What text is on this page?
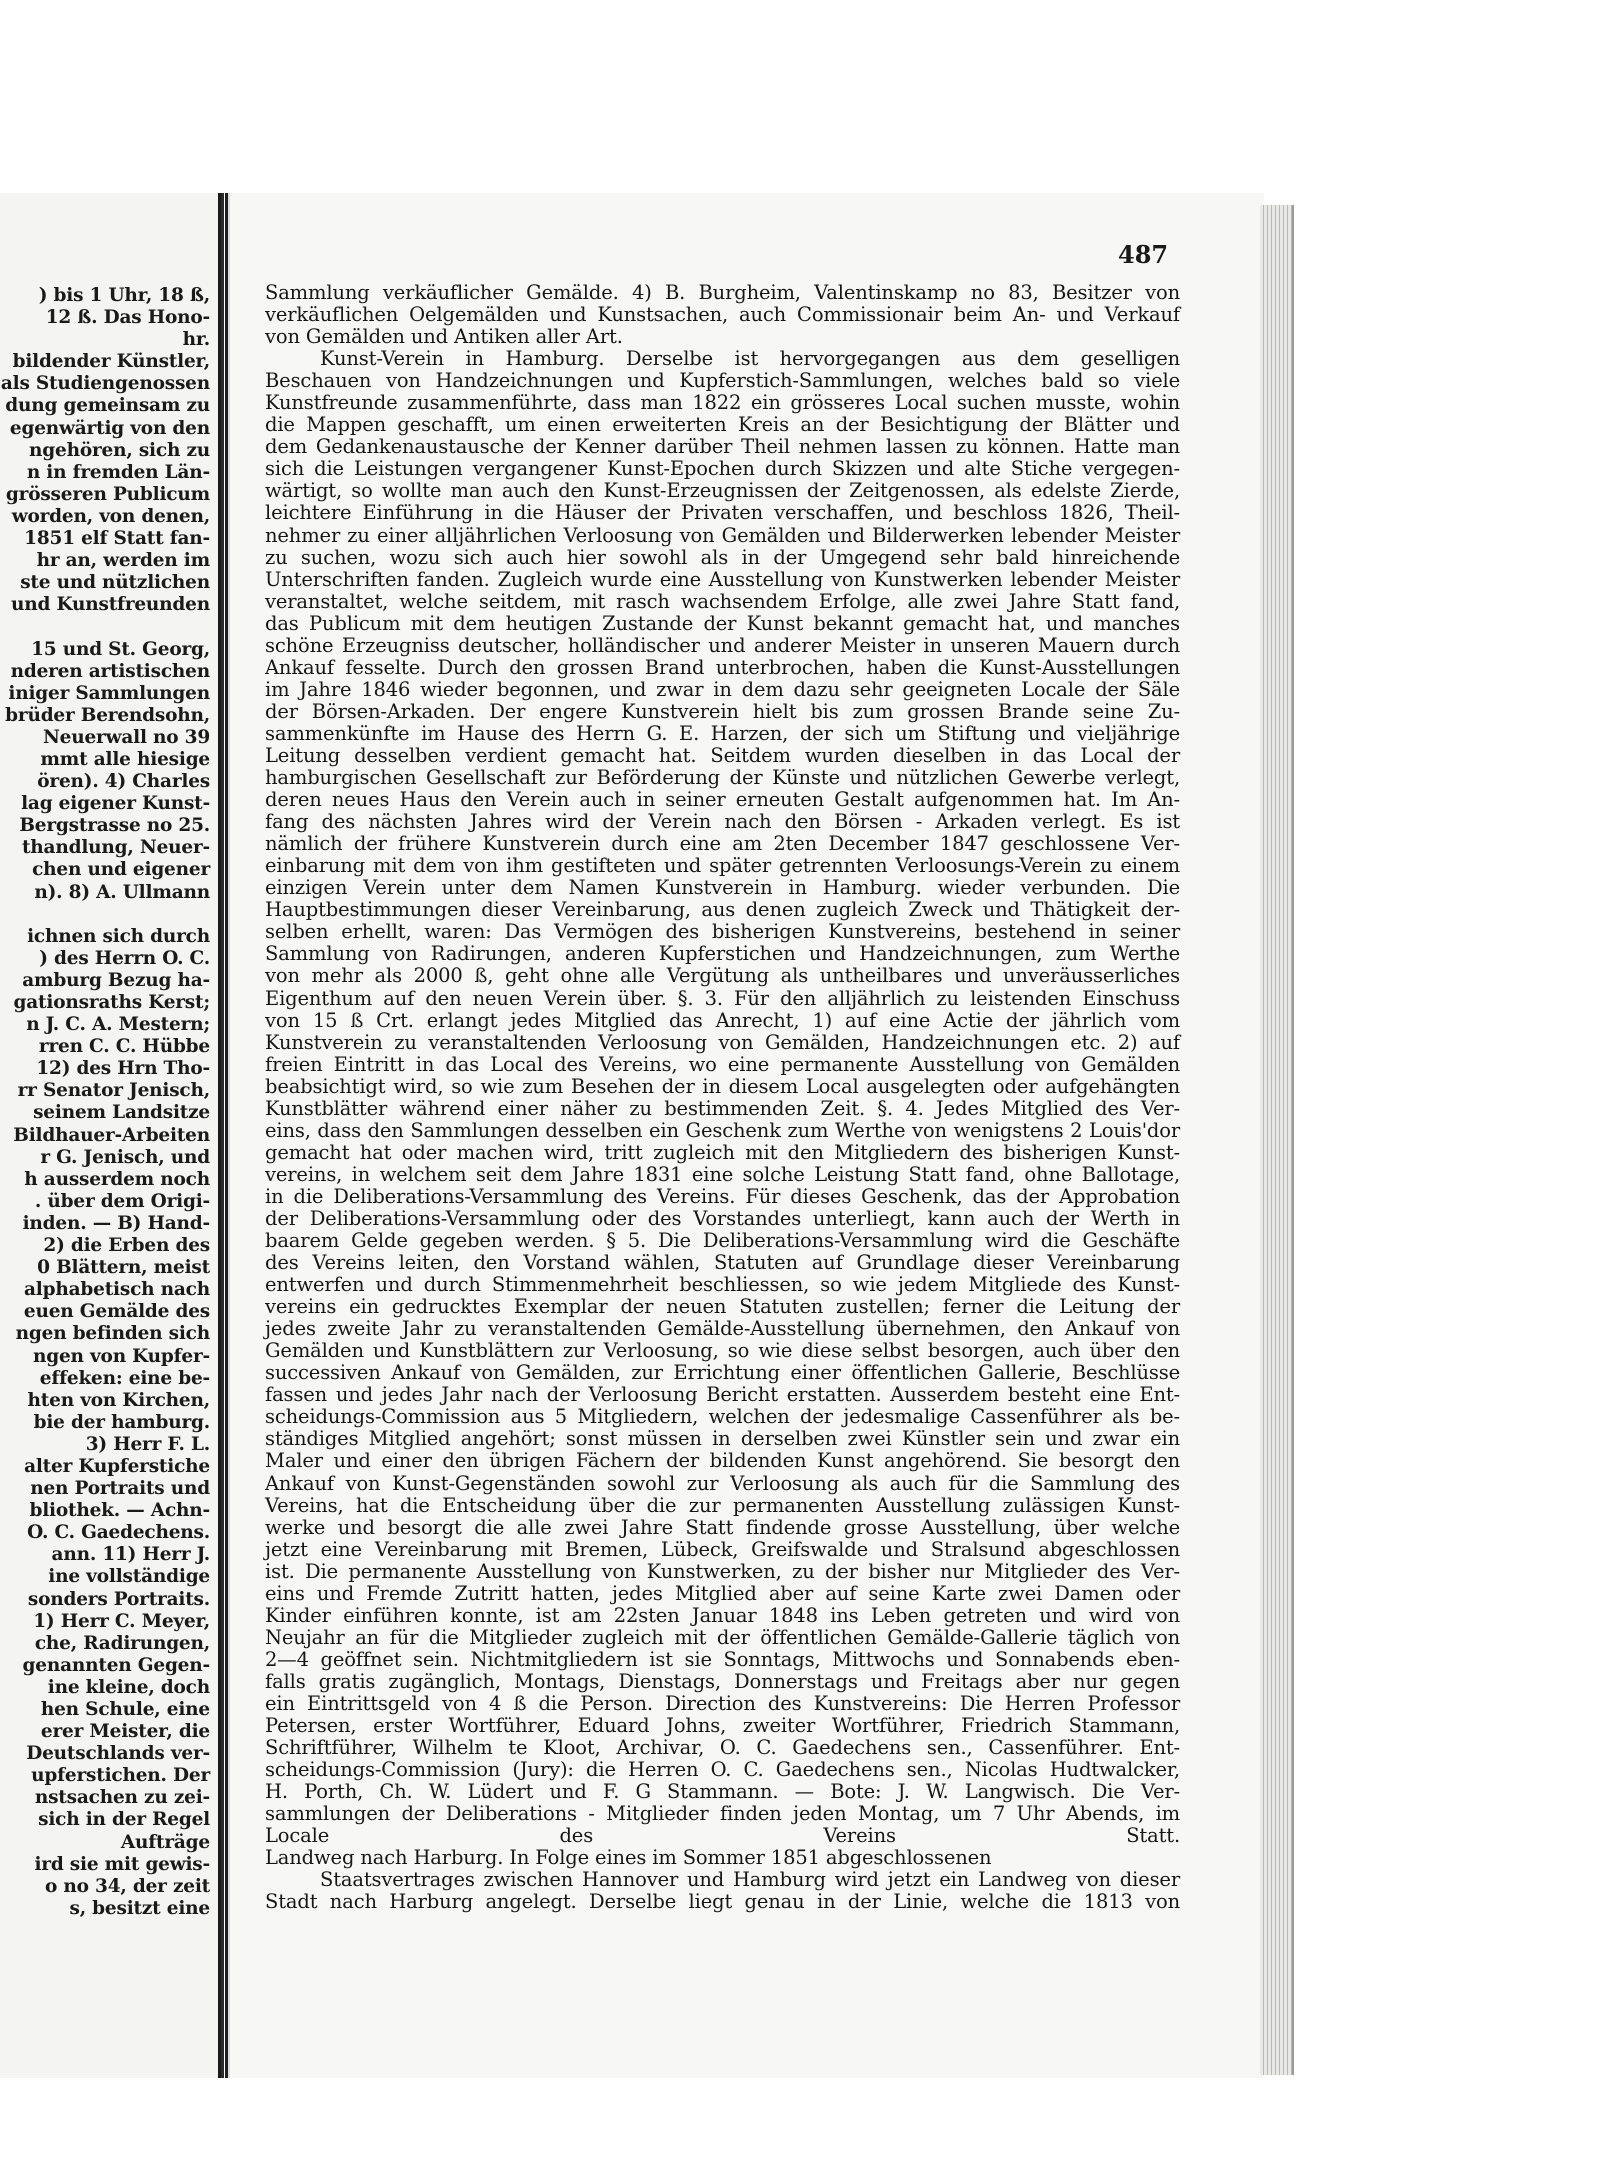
) bis 1 Uhr, 18 ß,
12 ß. Das Hono-
hr.
bildender Künstler,
als Studiengenossen
dung gemeinsam zu
egenwärtig von den
ngehören, sich zu
n in fremden Län-
grösseren Publicum
worden, von denen,
1851 elf Statt fan-
hr an, werden im
ste und nützlichen
und Kunstfreunden

15 und St. Georg,
nderen artistischen
iniger Sammlungen
brüder Berendsohn,
Neuerwall no 39
mmt alle hiesige
ören). 4) Charles
lag eigener Kunst-
Bergstrasse no 25.
thandlung, Neuer-
chen und eigener
n). 8) A. Ullmann

ichnen sich durch
) des Herrn O. C.
amburg Bezug ha-
gationsraths Kerst;
n J. C. A. Mestern;
rren C. C. Hübbe
12) des Hrn Tho-
rr Senator Jenisch,
seinem Landsitze
Bildhauer-Arbeiten
r G. Jenisch, und
h ausserdem noch
. über dem Origi-
inden. — B) Hand-
2) die Erben des
0 Blättern, meist
alphabetisch nach
euen Gemälde des
ngen befinden sich
ngen von Kupfer-
effeken: eine be-
hten von Kirchen,
bie der hamburg.
3) Herr F. L.
alter Kupferstiche
nen Portraits und
bliothek. — Achn-
O. C. Gaedechens.
ann. 11) Herr J.
ine vollständige
sonders Portraits.
1) Herr C. Meyer,
che, Radirungen,
genannten Gegen-
ine kleine, doch
hen Schule, eine
erer Meister, die
Deutschlands ver-
upferstichen. Der
nstsachen zu zei-
sich in der Regel
Aufträge
ird sie mit gewis-
o no 34, der zeit
s, besitzt eine
487
Sammlung verkäuflicher Gemälde. 4) B. Burgheim, Valentinskamp no 83, Besitzer von
verkäuflichen Oelgemälden und Kunstsachen, auch Commissionair beim An- und Verkauf
von Gemälden und Antiken aller Art.
Kunst-Verein in Hamburg. Derselbe ist hervorgegangen aus dem geselligen
Beschauen von Handzeichnungen und Kupferstich-Sammlungen, welches bald so viele
Kunstfreunde zusammenführte, dass man 1822 ein grösseres Local suchen musste, wohin
die Mappen geschafft, um einen erweiterten Kreis an der Besichtigung der Blätter und
dem Gedankenaustausche der Kenner darüber Theil nehmen lassen zu können. Hatte man
sich die Leistungen vergangener Kunst-Epochen durch Skizzen und alte Stiche vergegen-
wärtigt, so wollte man auch den Kunst-Erzeugnissen der Zeitgenossen, als edelste Zierde,
leichtere Einführung in die Häuser der Privaten verschaffen, und beschloss 1826, Theil-
nehmer zu einer alljährlichen Verloosung von Gemälden und Bilderwerken lebender Meister
zu suchen, wozu sich auch hier sowohl als in der Umgegend sehr bald hinreichende
Unterschriften fanden. Zugleich wurde eine Ausstellung von Kunstwerken lebender Meister
veranstaltet, welche seitdem, mit rasch wachsendem Erfolge, alle zwei Jahre Statt fand,
das Publicum mit dem heutigen Zustande der Kunst bekannt gemacht hat, und manches
schöne Erzeugniss deutscher, holländischer und anderer Meister in unseren Mauern durch
Ankauf fesselte. Durch den grossen Brand unterbrochen, haben die Kunst-Ausstellungen
im Jahre 1846 wieder begonnen, und zwar in dem dazu sehr geeigneten Locale der Säle
der Börsen-Arkaden. Der engere Kunstverein hielt bis zum grossen Brande seine Zu-
sammenkünfte im Hause des Herrn G. E. Harzen, der sich um Stiftung und vieljährige
Leitung desselben verdient gemacht hat. Seitdem wurden dieselben in das Local der
hamburgischen Gesellschaft zur Beförderung der Künste und nützlichen Gewerbe verlegt,
deren neues Haus den Verein auch in seiner erneuten Gestalt aufgenommen hat. Im An-
fang des nächsten Jahres wird der Verein nach den Börsen - Arkaden verlegt. Es ist
nämlich der frühere Kunstverein durch eine am 2ten December 1847 geschlossene Ver-
einbarung mit dem von ihm gestifteten und später getrennten Verloosungs-Verein zu einem
einzigen Verein unter dem Namen Kunstverein in Hamburg. wieder verbunden. Die
Hauptbestimmungen dieser Vereinbarung, aus denen zugleich Zweck und Thätigkeit der-
selben erhellt, waren: Das Vermögen des bisherigen Kunstvereins, bestehend in seiner
Sammlung von Radirungen, anderen Kupferstichen und Handzeichnungen, zum Werthe
von mehr als 2000 ß, geht ohne alle Vergütung als untheilbares und unveräusserliches
Eigenthum auf den neuen Verein über. §. 3. Für den alljährlich zu leistenden Einschuss
von 15 ß Crt. erlangt jedes Mitglied das Anrecht, 1) auf eine Actie der jährlich vom
Kunstverein zu veranstaltenden Verloosung von Gemälden, Handzeichnungen etc. 2) auf
freien Eintritt in das Local des Vereins, wo eine permanente Ausstellung von Gemälden
beabsichtigt wird, so wie zum Besehen der in diesem Local ausgelegten oder aufgehängten
Kunstblätter während einer näher zu bestimmenden Zeit. §. 4. Jedes Mitglied des Ver-
eins, dass den Sammlungen desselben ein Geschenk zum Werthe von wenigstens 2 Louis'dor
gemacht hat oder machen wird, tritt zugleich mit den Mitgliedern des bisherigen Kunst-
vereins, in welchem seit dem Jahre 1831 eine solche Leistung Statt fand, ohne Ballotage,
in die Deliberations-Versammlung des Vereins. Für dieses Geschenk, das der Approbation
der Deliberations-Versammlung oder des Vorstandes unterliegt, kann auch der Werth in
baarem Gelde gegeben werden. § 5. Die Deliberations-Versammlung wird die Geschäfte
des Vereins leiten, den Vorstand wählen, Statuten auf Grundlage dieser Vereinbarung
entwerfen und durch Stimmenmehrheit beschliessen, so wie jedem Mitgliede des Kunst-
vereins ein gedrucktes Exemplar der neuen Statuten zustellen; ferner die Leitung der
jedes zweite Jahr zu veranstaltenden Gemälde-Ausstellung übernehmen, den Ankauf von
Gemälden und Kunstblättern zur Verloosung, so wie diese selbst besorgen, auch über den
successiven Ankauf von Gemälden, zur Errichtung einer öffentlichen Gallerie, Beschlüsse
fassen und jedes Jahr nach der Verloosung Bericht erstatten. Ausserdem besteht eine Ent-
scheidungs-Commission aus 5 Mitgliedern, welchen der jedesmalige Cassenführer als be-
ständiges Mitglied angehört; sonst müssen in derselben zwei Künstler sein und zwar ein
Maler und einer den übrigen Fächern der bildenden Kunst angehörend. Sie besorgt den
Ankauf von Kunst-Gegenständen sowohl zur Verloosung als auch für die Sammlung des
Vereins, hat die Entscheidung über die zur permanenten Ausstellung zulässigen Kunst-
werke und besorgt die alle zwei Jahre Statt findende grosse Ausstellung, über welche
jetzt eine Vereinbarung mit Bremen, Lübeck, Greifswalde und Stralsund abgeschlossen
ist. Die permanente Ausstellung von Kunstwerken, zu der bisher nur Mitglieder des Ver-
eins und Fremde Zutritt hatten, jedes Mitglied aber auf seine Karte zwei Damen oder
Kinder einführen konnte, ist am 22sten Januar 1848 ins Leben getreten und wird von
Neujahr an für die Mitglieder zugleich mit der öffentlichen Gemälde-Gallerie täglich von
2—4 geöffnet sein. Nichtmitgliedern ist sie Sonntags, Mittwochs und Sonnabends eben-
falls gratis zugänglich, Montags, Dienstags, Donnerstags und Freitags aber nur gegen
ein Eintrittsgeld von 4 ß die Person. Direction des Kunstvereins: Die Herren Professor
Petersen, erster Wortführer, Eduard Johns, zweiter Wortführer, Friedrich Stammann,
Schriftführer, Wilhelm te Kloot, Archivar, O. C. Gaedechens sen., Cassenführer. Ent-
scheidungs-Commission (Jury): die Herren O. C. Gaedechens sen., Nicolas Hudtwalcker,
H. Porth, Ch. W. Lüdert und F. G Stammann. — Bote: J. W. Langwisch. Die Ver-
sammlungen der Deliberations - Mitglieder finden jeden Montag, um 7 Uhr Abends, im
Locale des Vereins Statt.
Landweg nach Harburg. In Folge eines im Sommer 1851 abgeschlossenen
Staatsvertrages zwischen Hannover und Hamburg wird jetzt ein Landweg von dieser
Stadt nach Harburg angelegt. Derselbe liegt genau in der Linie, welche die 1813 von
